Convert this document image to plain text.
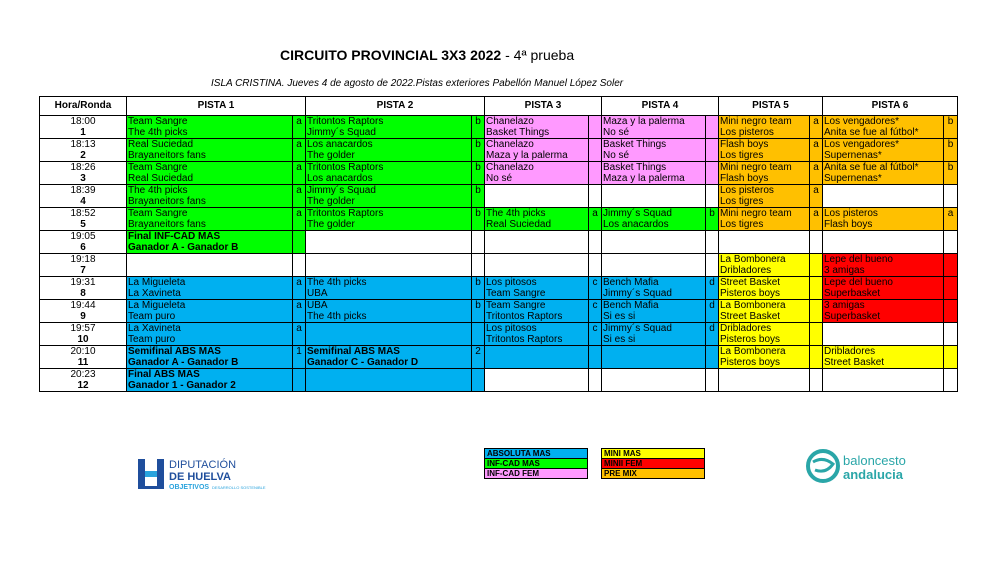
CIRCUITO PROVINCIAL 3X3 2022 - 4ª prueba
ISLA CRISTINA. Jueves 4 de agosto de 2022.Pistas exteriores Pabellón Manuel López Soler
Hora/Ronda	PISTA 1		PISTA 2		PISTA 3		PISTA 4		PISTA 5		PISTA 6	
18:00	Team Sangre	a	Tritontos Raptors	b	Chanelazo		Maza y la palerma		Mini negro team	a	Los vengadores*	b
1	The 4th picks		Jimmy´s Squad		Basket Things		No sé		Los pisteros		Anita se fue al fútbol*	
18:13	Real Suciedad	a	Los anacardos	b	Chanelazo		Basket Things		Flash boys	a	Los vengadores*	b
2	Brayaneitors fans		The golder		Maza y la palerma		No sé		Los tigres		Supernenas*	
18:26	Team Sangre	a	Tritontos Raptors	b	Chanelazo		Basket Things		Mini negro team	a	Anita se fue al fútbol*	b
3	Real Suciedad		Los anacardos		No sé		Maza y la palerma		Flash boys		Supernenas*	
18:39	The 4th picks	a	Jimmy´s Squad	b					Los pisteros	a		
4	Brayaneitors fans		The golder						Los tigres			
18:52	Team Sangre	a	Tritontos Raptors	b	The 4th picks	a	Jimmy´s Squad	b	Mini negro team	a	Los pisteros	a
5	Brayaneitors fans		The golder		Real Suciedad		Los anacardos		Los tigres		Flash boys	
19:05	Final INF-CAD MAS											
6	Ganador A - Ganador B											
19:18									La Bombonera		Lepe del bueno	
7									Dribladores		3 amigas	
19:31	La Migueleta	a	The 4th picks	b	Los pitosos	c	Bench Mafia	d	Street Basket		Lepe del bueno	
8	La Xavineta		UBA		Team Sangre		Jimmy´s Squad		Pisteros boys		Superbasket	
19:44	La Migueleta	a	UBA	b	Team Sangre	c	Bench Mafia	d	La Bombonera		3 amigas	
9	Team puro		The 4th picks		Tritontos Raptors		Si es si		Street Basket		Superbasket	
19:57	La Xavineta	a			Los pitosos	c	Jimmy´s Squad	d	Dribladores			
10	Team puro				Tritontos Raptors		Si es si		Pisteros boys			
20:10	Semifinal ABS MAS	1	Semifinal ABS MAS	2					La Bombonera		Dribladores	
11	Ganador A - Ganador B		Ganador C - Ganador D						Pisteros boys		Street Basket	
20:23	Final ABS MAS											
12	Ganador 1 - Ganador 2											
ABSOLUTA MAS
INF-CAD MAS
INF-CAD FEM
MINI MAS
MINII FEM
PRE MIX
DIPUTACIÓN
DE HUELVA
OBJETIVOS DESARROLLO SOSTENIBLE
baloncesto
andalucia
